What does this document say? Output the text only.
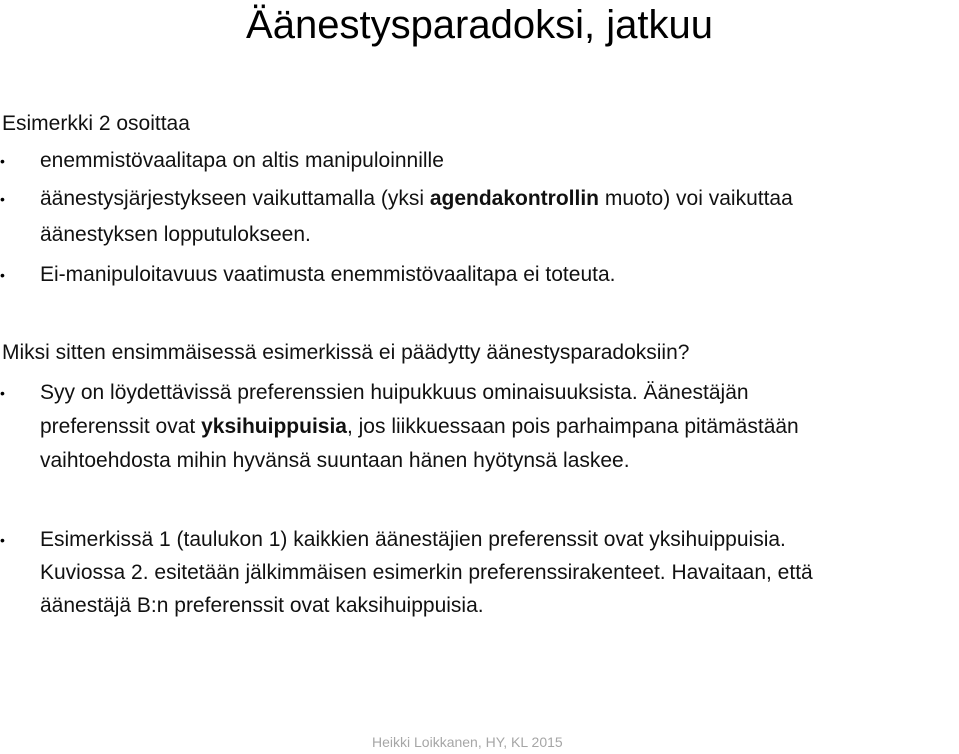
Äänestysparadoksi, jatkuu
Esimerkki 2 osoittaa
•	enemmistövaalitapa on altis manipuloinnille
•	äänestysjärjestykseen vaikuttamalla (yksi agendakontrollin muoto) voi vaikuttaa
äänestyksen lopputulokseen.
•	Ei-manipuloitavuus vaatimusta enemmistövaalitapa ei toteuta.
Miksi sitten ensimmäisessä esimerkissä ei päädytty äänestysparadoksiin?
•	Syy on löydettävissä preferenssien huipukkuus ominaisuuksista. Äänestäjän
preferenssit ovat yksihuippuisia, jos liikkuessaan pois parhaimpana pitämästään
vaihtoehdosta mihin hyvänsä suuntaan hänen hyötynsä laskee.
•	Esimerkissä 1 (taulukon 1) kaikkien äänestäjien preferenssit ovat yksihuippuisia.
Kuviossa 2. esitetään jälkimmäisen esimerkin preferenssirakenteet. Havaitaan, että
äänestäjä B:n preferenssit ovat kaksihuippuisia.
Heikki Loikkanen, HY, KL 2015
